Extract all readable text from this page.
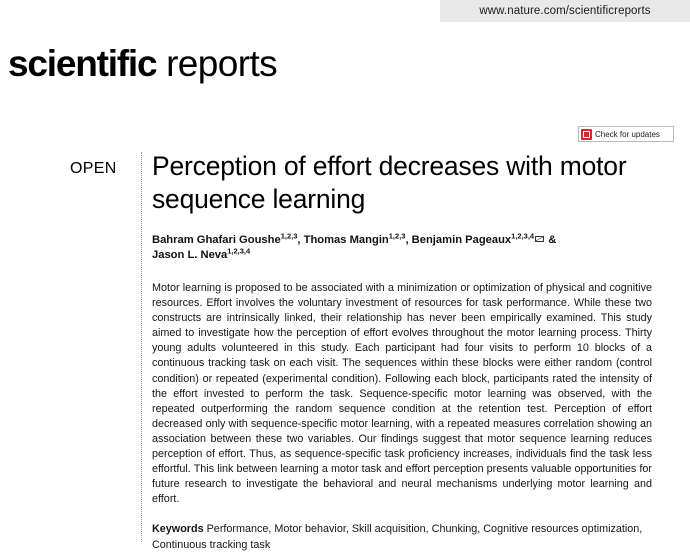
www.nature.com/scientificreports
scientific reports
Check for updates
OPEN Perception of effort decreases with motor sequence learning
Bahram Ghafari Goushe$^{1,2,3}$, Thomas Mangin$^{1,2,3}$, Benjamin Pageaux$^{1,2,3,4}$ &
Jason L. Neva$^{1,2,3,4}$
Motor learning is proposed to be associated with a minimization or optimization of physical and cognitive resources. Effort involves the voluntary investment of resources for task performance. While these two constructs are intrinsically linked, their relationship has never been empirically examined. This study aimed to investigate how the perception of effort evolves throughout the motor learning process. Thirty young adults volunteered in this study. Each participant had four visits to perform 10 blocks of a continuous tracking task on each visit. The sequences within these blocks were either random (control condition) or repeated (experimental condition). Following each block, participants rated the intensity of the effort invested to perform the task. Sequence-specific motor learning was observed, with the repeated outperforming the random sequence condition at the retention test. Perception of effort decreased only with sequence-specific motor learning, with a repeated measures correlation showing an association between these two variables. Our findings suggest that motor sequence learning reduces perception of effort. Thus, as sequence-specific task proficiency increases, individuals find the task less effortful. This link between learning a motor task and effort perception presents valuable opportunities for future research to investigate the behavioral and neural mechanisms underlying motor learning and effort.
Keywords Performance, Motor behavior, Skill acquisition, Chunking, Cognitive resources optimization, Continuous tracking task
